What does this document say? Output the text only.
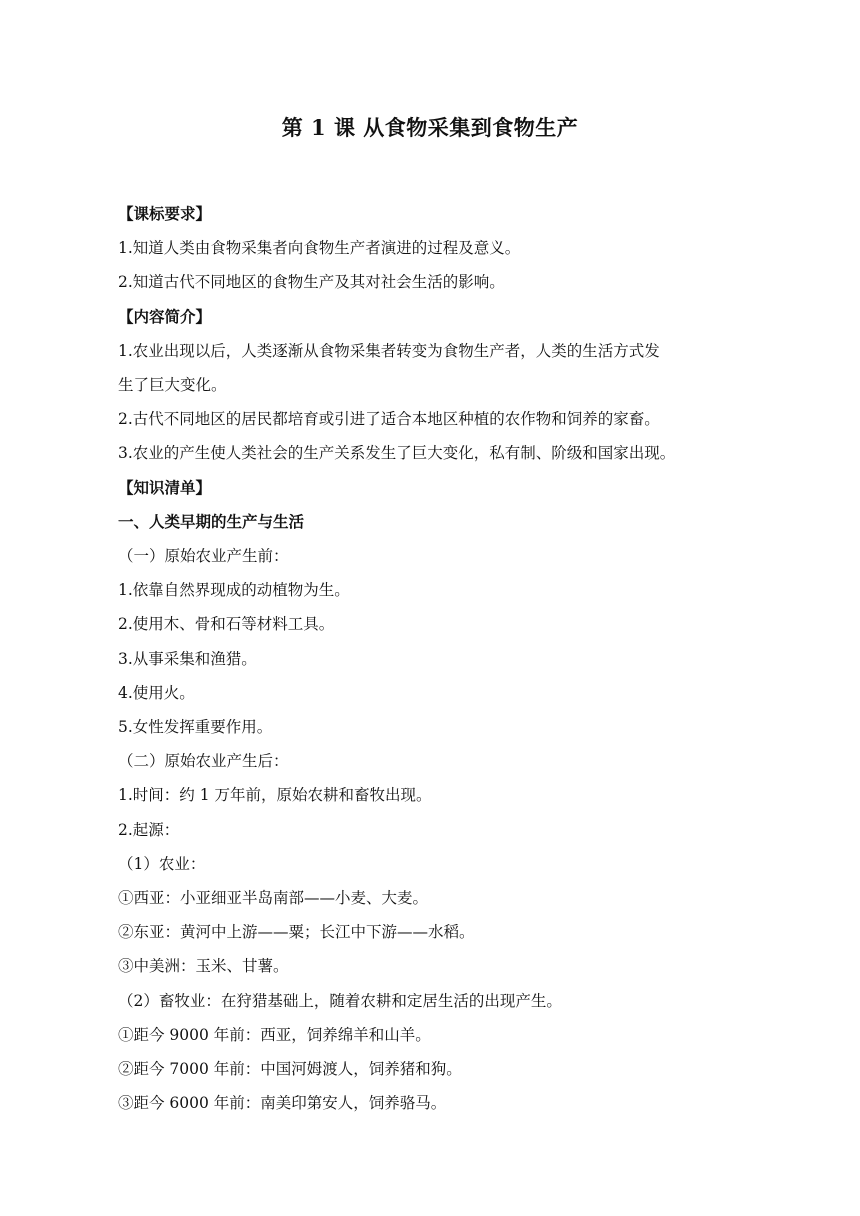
第 1 课 从食物采集到食物生产

【课标要求】

1.知道人类由食物采集者向食物生产者演进的过程及意义。

2.知道古代不同地区的食物生产及其对社会生活的影响。

【内容简介】

1.农业出现以后，人类逐渐从食物采集者转变为食物生产者，人类的生活方式发

生了巨大变化。

2.古代不同地区的居民都培育或引进了适合本地区种植的农作物和饲养的家畜。

3.农业的产生使人类社会的生产关系发生了巨大变化，私有制、阶级和国家出现。

【知识清单】

一、人类早期的生产与生活

（一）原始农业产生前：

1.依靠自然界现成的动植物为生。

2.使用木、骨和石等材料工具。

3.从事采集和渔猎。

4.使用火。

5.女性发挥重要作用。

（二）原始农业产生后：

1.时间：约 1 万年前，原始农耕和畜牧出现。

2.起源：

（1）农业：

①西亚：小亚细亚半岛南部——小麦、大麦。

②东亚：黄河中上游——粟；长江中下游——水稻。

③中美洲：玉米、甘薯。

（2）畜牧业：在狩猎基础上，随着农耕和定居生活的出现产生。

①距今 9000 年前：西亚，饲养绵羊和山羊。

②距今 7000 年前：中国河姆渡人，饲养猪和狗。

③距今 6000 年前：南美印第安人，饲养骆马。
